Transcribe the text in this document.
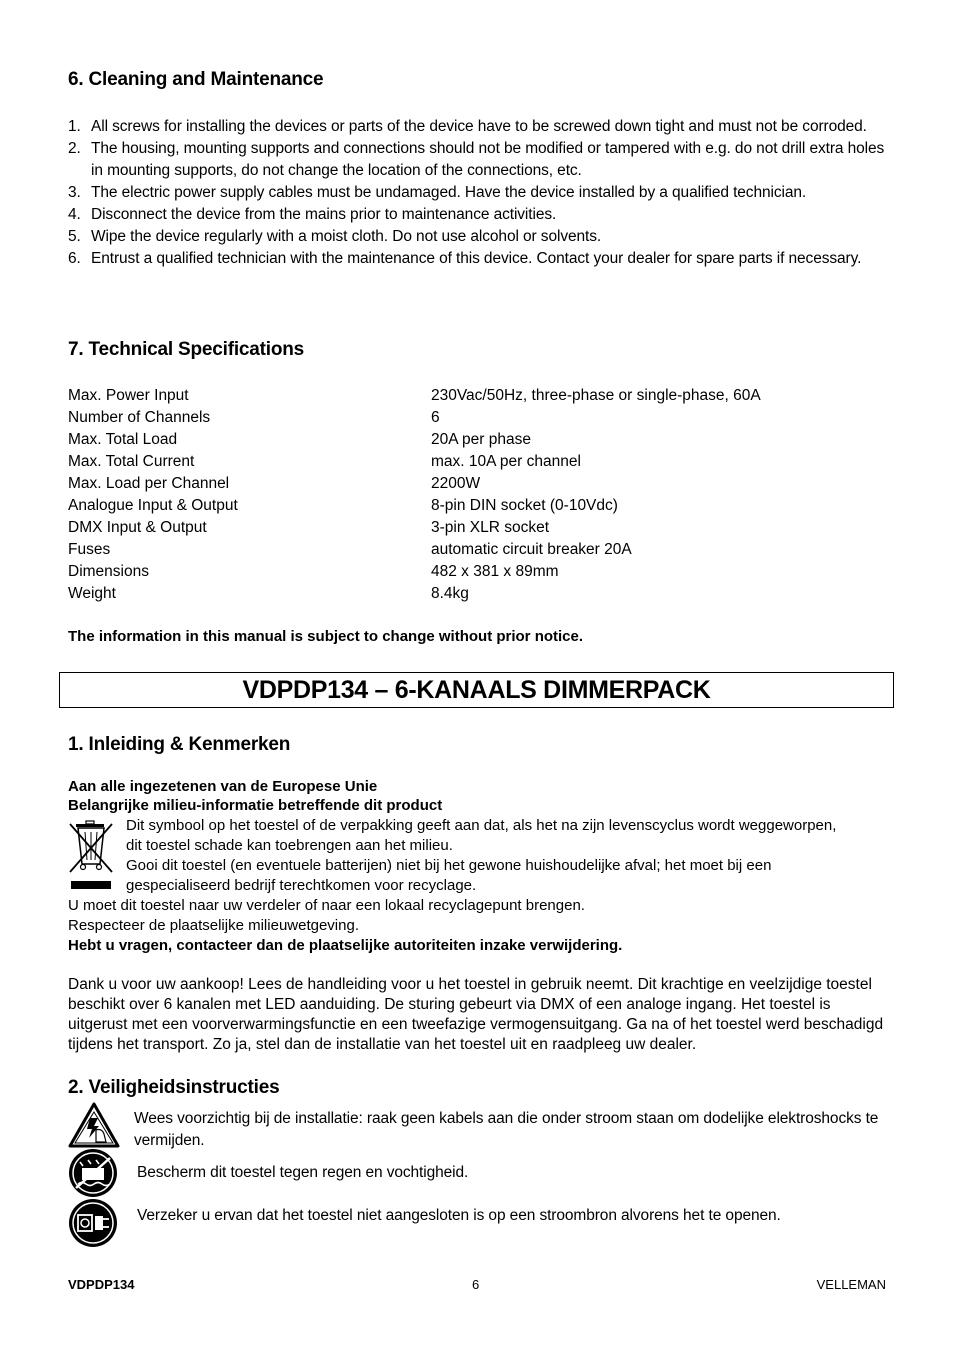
6. Cleaning and Maintenance
1. All screws for installing the devices or parts of the device have to be screwed down tight and must not be corroded.
2. The housing, mounting supports and connections should not be modified or tampered with e.g. do not drill extra holes in mounting supports, do not change the location of the connections, etc.
3. The electric power supply cables must be undamaged. Have the device installed by a qualified technician.
4. Disconnect the device from the mains prior to maintenance activities.
5. Wipe the device regularly with a moist cloth. Do not use alcohol or solvents.
6. Entrust a qualified technician with the maintenance of this device. Contact your dealer for spare parts if necessary.
7. Technical Specifications
Max. Power Input	230Vac/50Hz, three-phase or single-phase, 60A
Number of Channels	6
Max. Total Load	20A per phase
Max. Total Current	max. 10A per channel
Max. Load per Channel	2200W
Analogue Input & Output	8-pin DIN socket (0-10Vdc)
DMX Input & Output	3-pin XLR socket
Fuses	automatic circuit breaker 20A
Dimensions	482 x 381 x 89mm
Weight	8.4kg
The information in this manual is subject to change without prior notice.
VDPDP134 – 6-KANAALS DIMMERPACK
1. Inleiding & Kenmerken
Aan alle ingezetenen van de Europese Unie
Belangrijke milieu-informatie betreffende dit product
Dit symbool op het toestel of de verpakking geeft aan dat, als het na zijn levenscyclus wordt weggeworpen,
dit toestel schade kan toebrengen aan het milieu.
Gooi dit toestel (en eventuele batterijen) niet bij het gewone huishoudelijke afval; het moet bij een
gespecialiseerd bedrijf terechtkomen voor recyclage.
U moet dit toestel naar uw verdeler of naar een lokaal recyclagepunt brengen.
Respecteer de plaatselijke milieuwetgeving.
Hebt u vragen, contacteer dan de plaatselijke autoriteiten inzake verwijdering.
Dank u voor uw aankoop! Lees de handleiding voor u het toestel in gebruik neemt. Dit krachtige en veelzijdige toestel beschikt over 6 kanalen met LED aanduiding. De sturing gebeurt via DMX of een analoge ingang. Het toestel is uitgerust met een voorverwarmingsfunctie en een tweefazige vermogensuitgang. Ga na of het toestel werd beschadigd tijdens het transport. Zo ja, stel dan de installatie van het toestel uit en raadpleeg uw dealer.
2. Veiligheidsinstructies
Wees voorzichtig bij de installatie: raak geen kabels aan die onder stroom staan om dodelijke elektroshocks te vermijden.
Bescherm dit toestel tegen regen en vochtigheid.
Verzeker u ervan dat het toestel niet aangesloten is op een stroombron alvorens het te openen.
VDPDP134	6	VELLEMAN
